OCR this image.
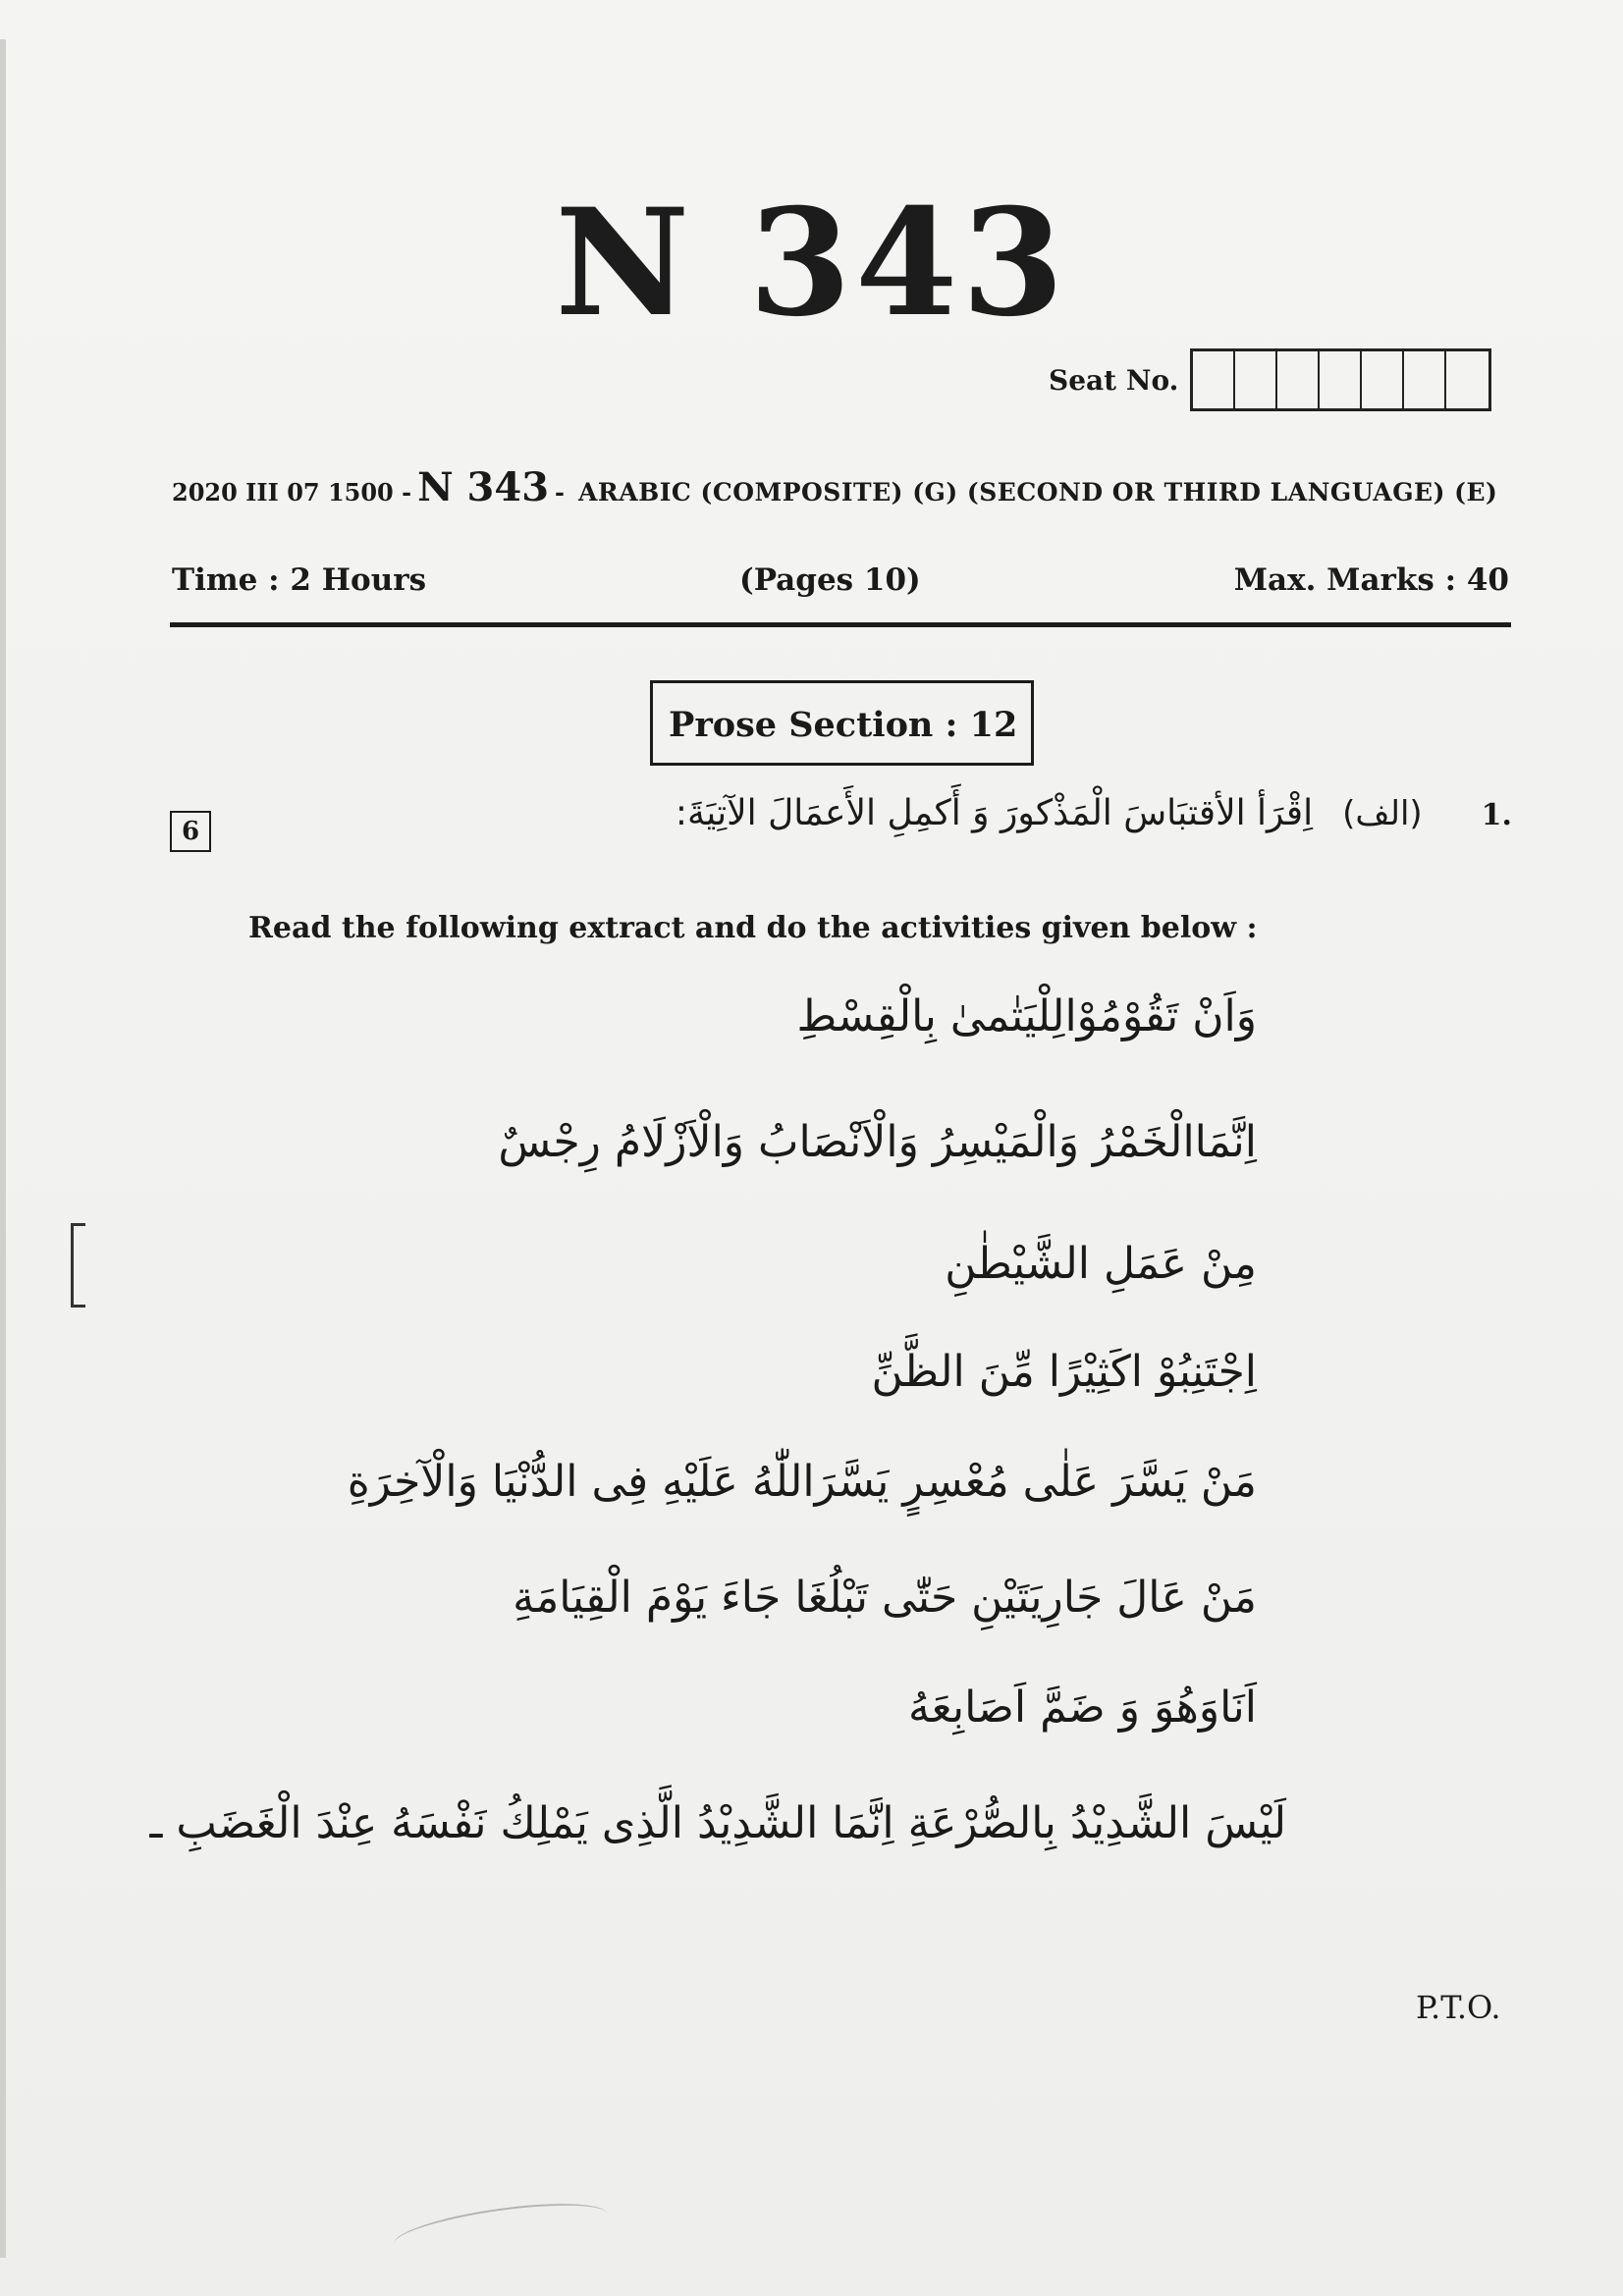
N 343
Seat No.
2020 III 07 1500 - N 343 - ARABIC (COMPOSITE) (G) (SECOND OR THIRD LANGUAGE) (E)
Time : 2 Hours	(Pages 10)	Max. Marks : 40
Prose Section : 12
6	اِقْرَأ الأقتبَاسَ الْمَذْكورَ وَ أَكمِلِ الأَعمَالَ الآتِيَةَ: (الف) 1.
Read the following extract and do the activities given below :
وَاَنْ تَقُوْمُوْالِلْيَتٰمیٰ بِالْقِسْطِ
اِنَّمَاالْخَمْرُ وَالْمَيْسِرُ وَالْاَنْصَابُ وَالْاَزْلَامُ رِجْسٌ
مِنْ عَمَلِ الشَّيْطٰنِ
اِجْتَنِبُوْ اكَثِيْرًا مِّنَ الظَّنِّ
مَنْ يَسَّرَ عَلٰى مُعْسِرٍ يَسَّرَاللّٰهُ عَلَيْهِ فِى الدُّنْيَا وَالْآخِرَةِ
مَنْ عَالَ جَارِيَتَيْنِ حَتّٰى تَبْلُغَا جَاءَ يَوْمَ الْقِيَامَةِ
اَنَاوَهُوَ وَ ضَمَّ اَصَابِعَهُ
لَيْسَ الشَّدِيْدُ بِالصُّرْعَةِ اِنَّمَا الشَّدِيْدُ الَّذِى يَمْلِكُ نَفْسَهُ عِنْدَ الْغَضَبِ ـ
P.T.O.
